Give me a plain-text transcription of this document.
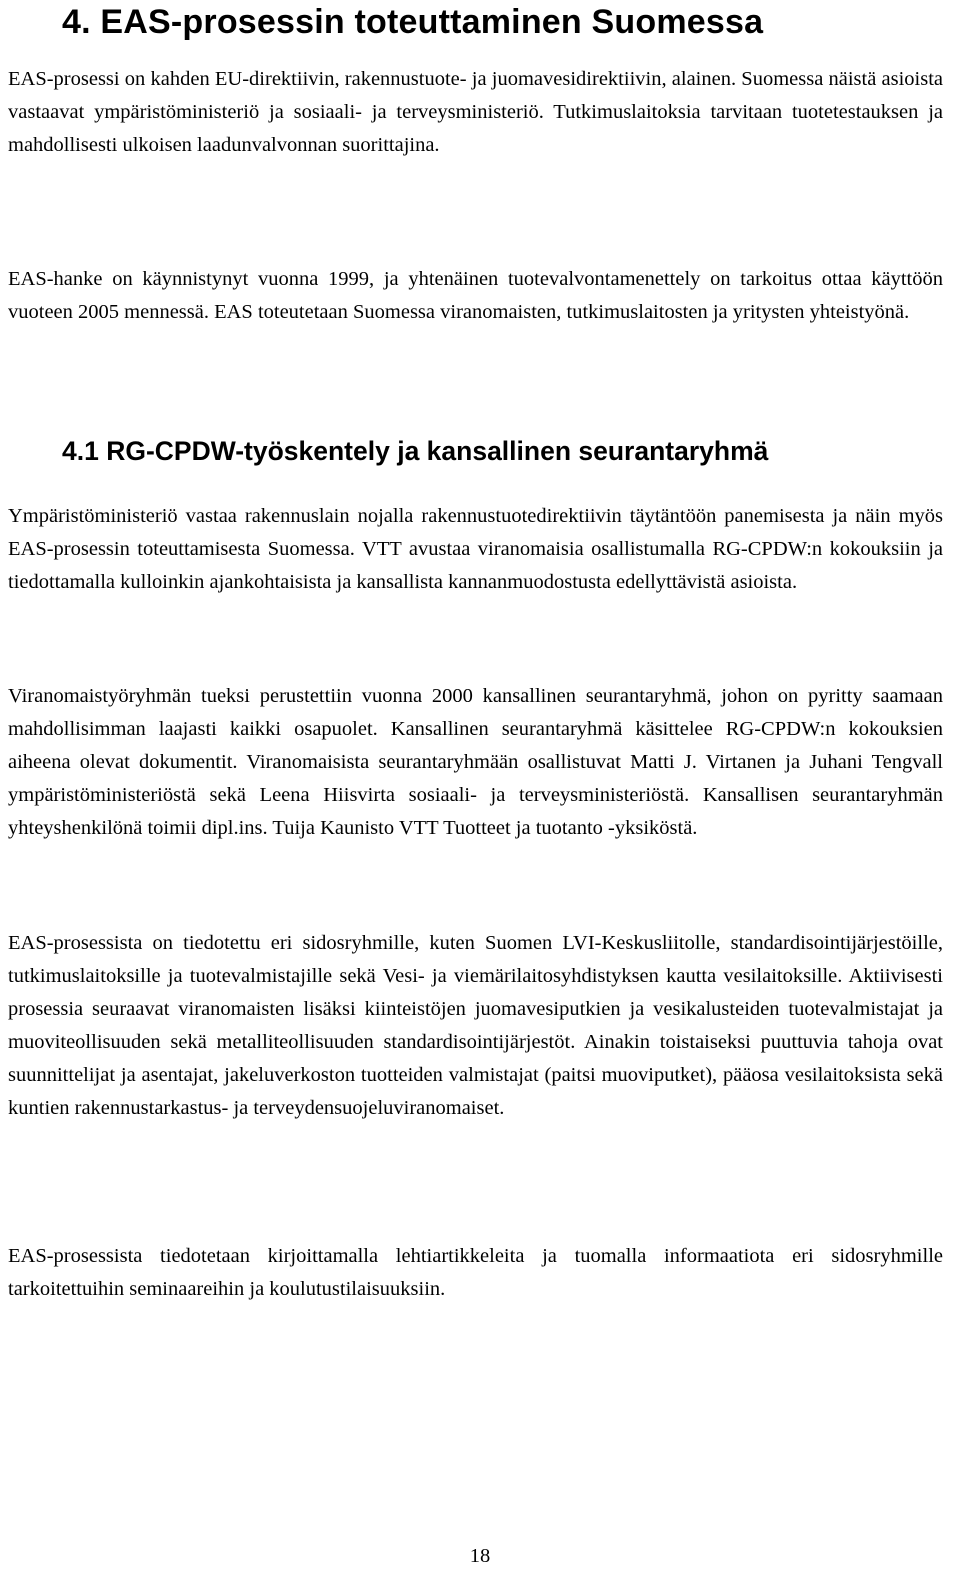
4. EAS-prosessin toteuttaminen Suomessa

EAS-prosessi on kahden EU-direktiivin, rakennustuote- ja juomavesidirektiivin, alainen. Suomessa näistä asioista vastaavat ympäristöministeriö ja sosiaali- ja terveysministeriö. Tutkimuslaitoksia tarvitaan tuotetestauksen ja mahdollisesti ulkoisen laadunvalvonnan suorittajina.

EAS-hanke on käynnistynyt vuonna 1999, ja yhtenäinen tuotevalvontamenettely on tarkoitus ottaa käyttöön vuoteen 2005 mennessä. EAS toteutetaan Suomessa viranomaisten, tutkimuslaitosten ja yritysten yhteistyönä.

4.1 RG-CPDW-työskentely ja kansallinen seurantaryhmä

Ympäristöministeriö vastaa rakennuslain nojalla rakennustuotedirektiivin täytäntöön panemisesta ja näin myös EAS-prosessin toteuttamisesta Suomessa. VTT avustaa viranomaisia osallistumalla RG-CPDW:n kokouksiin ja tiedottamalla kulloinkin ajankohtaisista ja kansallista kannanmuodostusta edellyttävistä asioista.

Viranomaistyöryhmän tueksi perustettiin vuonna 2000 kansallinen seurantaryhmä, johon on pyritty saamaan mahdollisimman laajasti kaikki osapuolet. Kansallinen seurantaryhmä käsittelee RG-CPDW:n kokouksien aiheena olevat dokumentit. Viranomaisista seurantaryhmään osallistuvat Matti J. Virtanen ja Juhani Tengvall ympäristöministeriöstä sekä Leena Hiisvirta sosiaali- ja terveysministeriöstä. Kansallisen seurantaryhmän yhteyshenkilönä toimii dipl.ins. Tuija Kaunisto VTT Tuotteet ja tuotanto -yksiköstä.

EAS-prosessista on tiedotettu eri sidosryhmille, kuten Suomen LVI-Keskusliitolle, standardisointijärjestöille, tutkimuslaitoksille ja tuotevalmistajille sekä Vesi- ja viemärilaitosyhdistyksen kautta vesilaitoksille. Aktiivisesti prosessia seuraavat viranomaisten lisäksi kiinteistöjen juomavesiputkien ja vesikalusteiden tuotevalmistajat ja muoviteollisuuden sekä metalliteollisuuden standardisointijärjestöt. Ainakin toistaiseksi puuttuvia tahoja ovat suunnittelijat ja asentajat, jakeluverkoston tuotteiden valmistajat (paitsi muoviputket), pääosa vesilaitoksista sekä kuntien rakennustarkastus- ja terveydensuojeluviranomaiset.

EAS-prosessista tiedotetaan kirjoittamalla lehtiartikkeleita ja tuomalla informaatiota eri sidosryhmille tarkoitettuihin seminaareihin ja koulutustilaisuuksiin.

18
